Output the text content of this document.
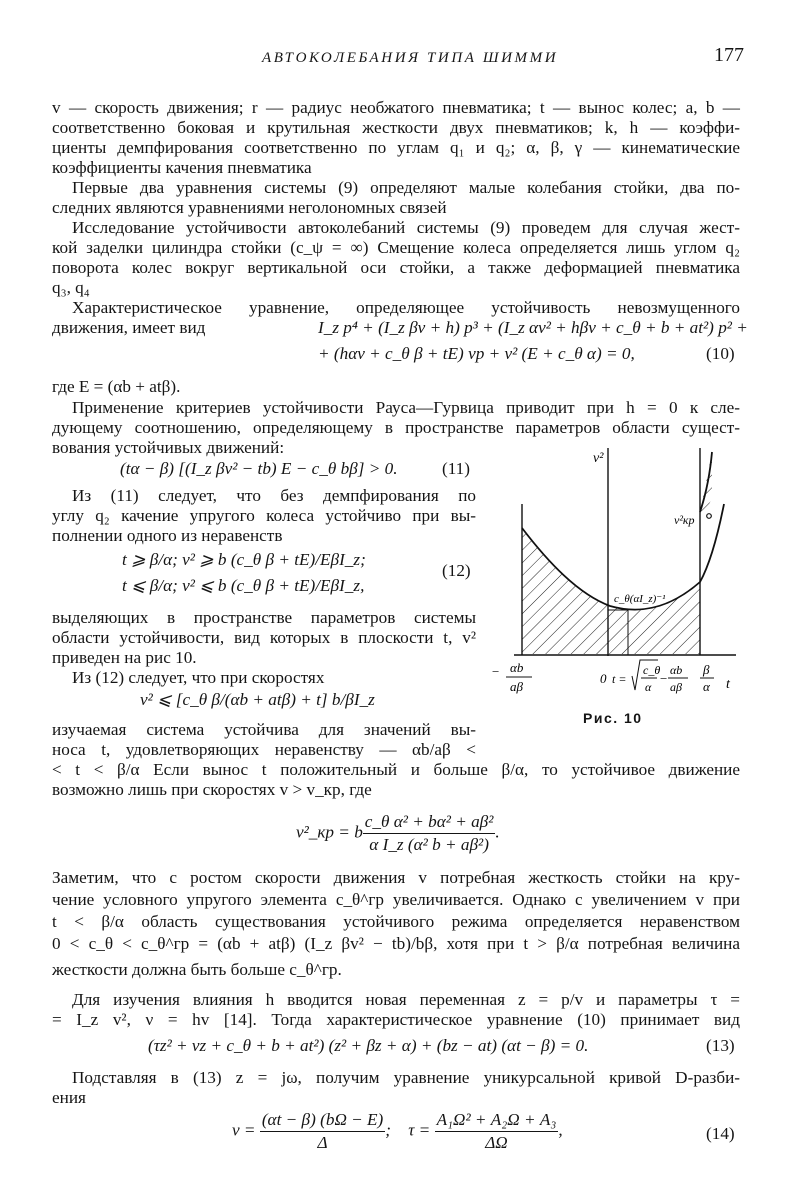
АВТОКОЛЕБАНИЯ ТИПА ШИММИ	177
v — скорость движения; r — радиус необжатого пневматика; t — вынос колес; a, b —
соответственно боковая и крутильная жесткости двух пневматиков; k, h — коэффи-
циенты демпфирования соответственно по углам q₁ и q₂; α, β, γ — кинематические
коэффициенты качения пневматика
Первые два уравнения системы (9) определяют малые колебания стойки, два по-
следних являются уравнениями неголономных связей
Исследование устойчивости автоколебаний системы (9) проведем для случая жест-
кой заделки цилиндра стойки (c_ψ = ∞) Смещение колеса определяется лишь углом q₂
поворота колес вокруг вертикальной оси стойки, а также деформацией пневматика
q₃, q₄
Характеристическое уравнение, определяющее устойчивость невозмущенного
движения, имеет вид	I_z p⁴ + (I_z βv + h) p³ + (I_z αv² + hβv + c_θ + b + at²) p² +
+ (hαv + c_θ β + tE) vp + v² (E + c_θ α) = 0,	(10)
где E = (αb + atβ).
Применение критериев устойчивости Рауса—Гурвица приводит при h = 0 к сле-
дующему соотношению, определяющему в пространстве параметров области сущест-
вования устойчивых движений:
(tα − β) [(I_z βv² − tb) E − c_θ bβ] > 0.	(11)
Из (11) следует, что без демпфирования по
углу q₂ качение упругого колеса устойчиво при вы-
полнении одного из неравенств
t ⩾ β/α; v² ⩾ b (c_θ β + tE)/EβI_z;
t ⩽ β/α; v² ⩽ b (c_θ β + tE)/EβI_z,
(12)
выделяющих в пространстве параметров системы
области устойчивости, вид которых в плоскости t, v²
приведен на рис 10.
Из (12) следует, что при скоростях
v² ⩽ [c_θ β/(αb + atβ) + t] b/βI_z
изучаемая система устойчива для значений вы-
носа t, удовлетворяющих неравенству — αb/aβ <
< t < β/α Если вынос t положительный и больше β/α, то устойчивое движение
возможно лишь при скоростях v > v_кр, где
v²_кр = b $\frac{\text{c\_θ α² + bα² + aβ²}}{\text{α I\_z (α² b + aβ²)}}$ .
Заметим, что с ростом скорости движения v потребная жесткость стойки на кру-
чение условного упругого элемента c_θ^гр увеличивается. Однако с увеличением v при
t < β/α область существования устойчивого режима определяется неравенством
0 < c_θ < c_θ^гр = (αb + atβ) (I_z βv² − tb)/bβ, хотя при t > β/α потребная величина
жесткости должна быть больше c_θ^гр.
Для изучения влияния h вводится новая переменная z = p/v и параметры τ =
= I_z v², ν = hv [14]. Тогда характеристическое уравнение (10) принимает вид
(τz² + νz + c_θ + b + at²) (z² + βz + α) + (bz − at) (αt − β) = 0.	(13)
Подставляя в (13) z = jω, получим уравнение уникурсальной кривой D-разби-
ения
$\nu = \frac{(\alpha t - \beta) (b\Omega - E)}{\Delta}$ ; $\tau = \frac{\text{A₁Ω² + A₂Ω + A₃}}{\Delta\Omega}$ ,	(14)
v²
t
v²кр
c_θ(αI_z)⁻¹
− αb
aβ
0 t =
c_θ
α
−
αb
aβ
β
α
Рис. 10
